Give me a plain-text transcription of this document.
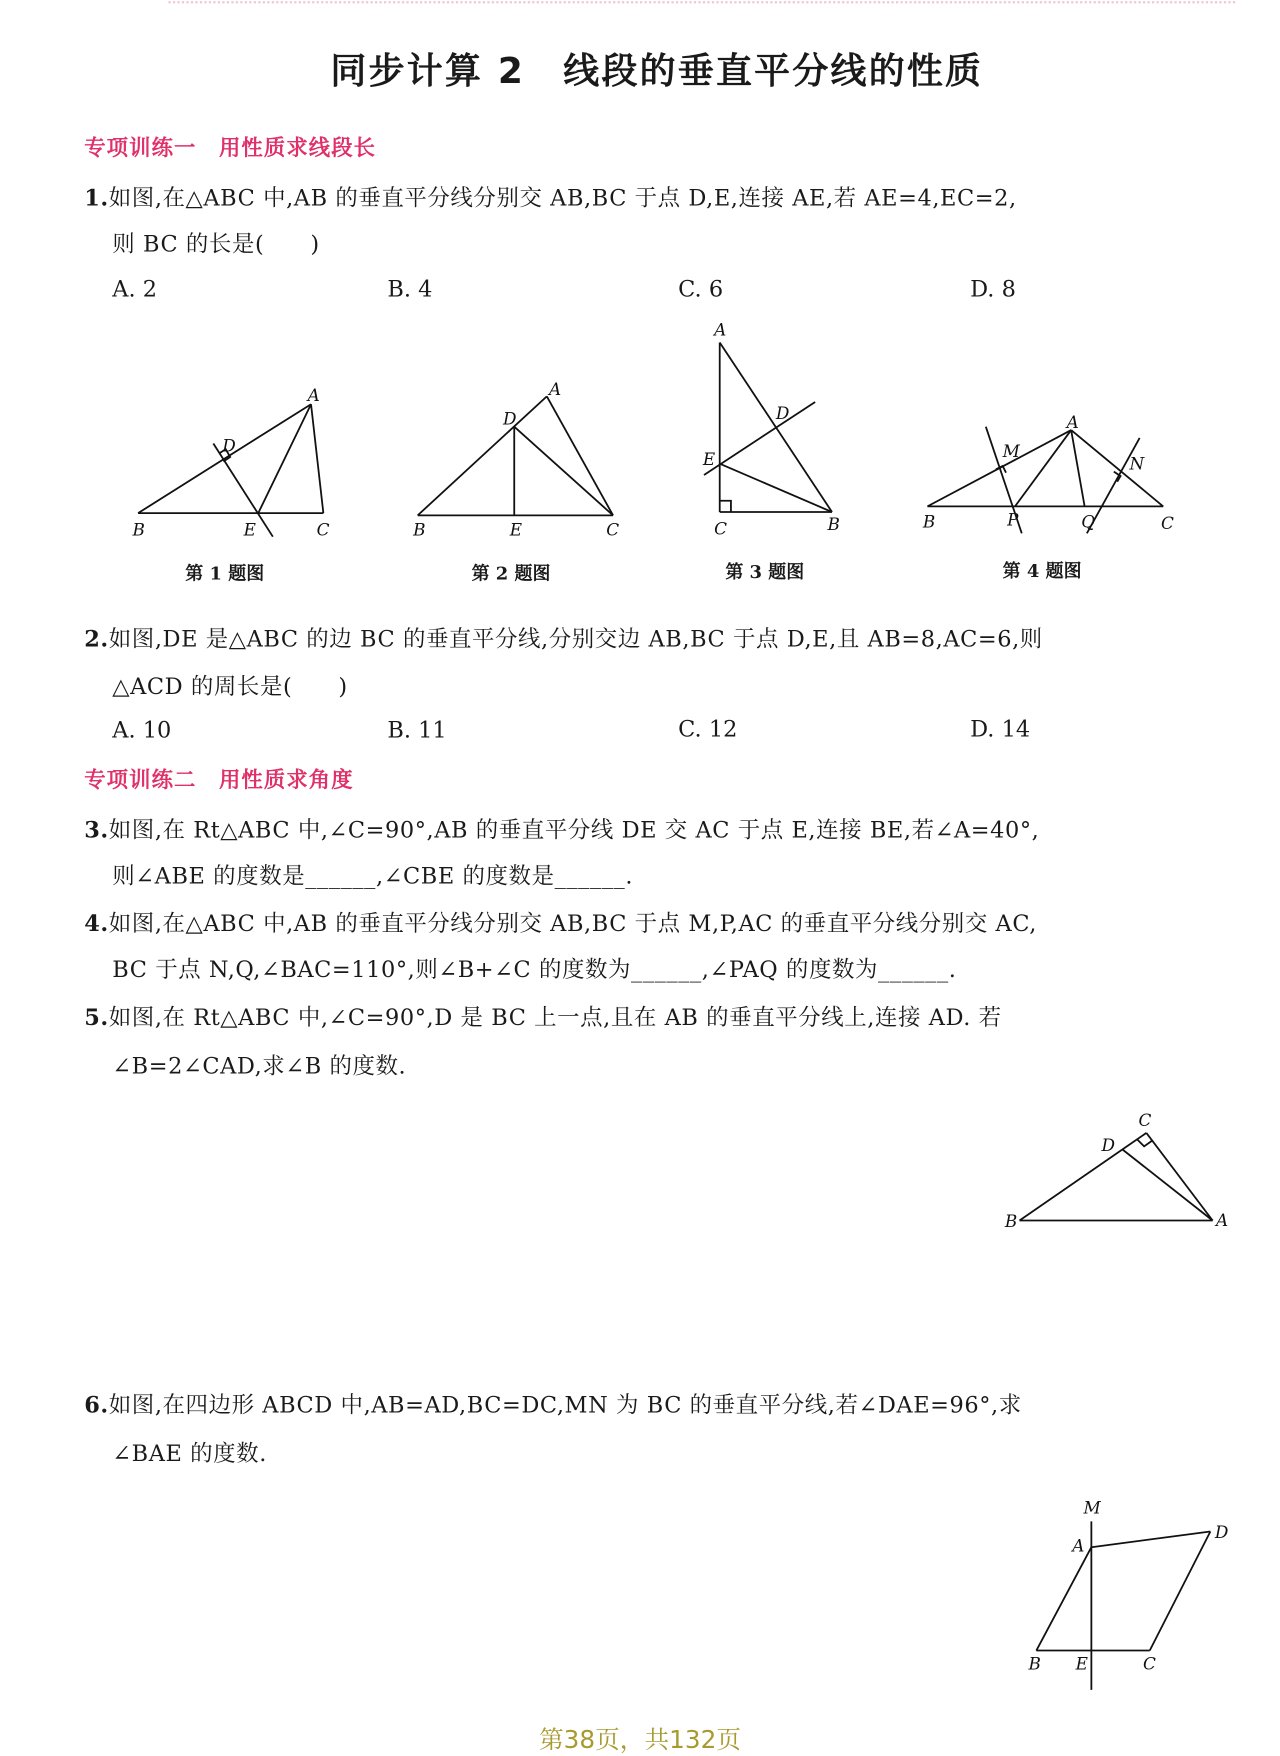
同步计算 2　线段的垂直平分线的性质
专项训练一　用性质求线段长
1.如图,在△ABC 中,AB 的垂直平分线分别交 AB,BC 于点 D,E,连接 AE,若 AE=4,EC=2,
则 BC 的长是(　　)
A. 2	B. 4	C. 6	D. 8
A
B	C
D
E
A
D
B	E	C
A
D
E
C	B
A
M
N
B	P	Q	C
C
D
B	A
M
A
D
B E	C
第 1 题图	第 2 题图	第 3 题图	第 4 题图
2.如图,DE 是△ABC 的边 BC 的垂直平分线,分别交边 AB,BC 于点 D,E,且 AB=8,AC=6,则
△ACD 的周长是(　　)
A. 10	B. 11	C. 12	D. 14
专项训练二　用性质求角度
3.如图,在 Rt△ABC 中,∠C=90°,AB 的垂直平分线 DE 交 AC 于点 E,连接 BE,若∠A=40°,
则∠ABE 的度数是______,∠CBE 的度数是______.
4.如图,在△ABC 中,AB 的垂直平分线分别交 AB,BC 于点 M,P,AC 的垂直平分线分别交 AC,
BC 于点 N,Q,∠BAC=110°,则∠B+∠C 的度数为______,∠PAQ 的度数为______.
5.如图,在 Rt△ABC 中,∠C=90°,D 是 BC 上一点,且在 AB 的垂直平分线上,连接 AD. 若
∠B=2∠CAD,求∠B 的度数.
6.如图,在四边形 ABCD 中,AB=AD,BC=DC,MN 为 BC 的垂直平分线,若∠DAE=96°,求
∠BAE 的度数.
第38页，共132页
